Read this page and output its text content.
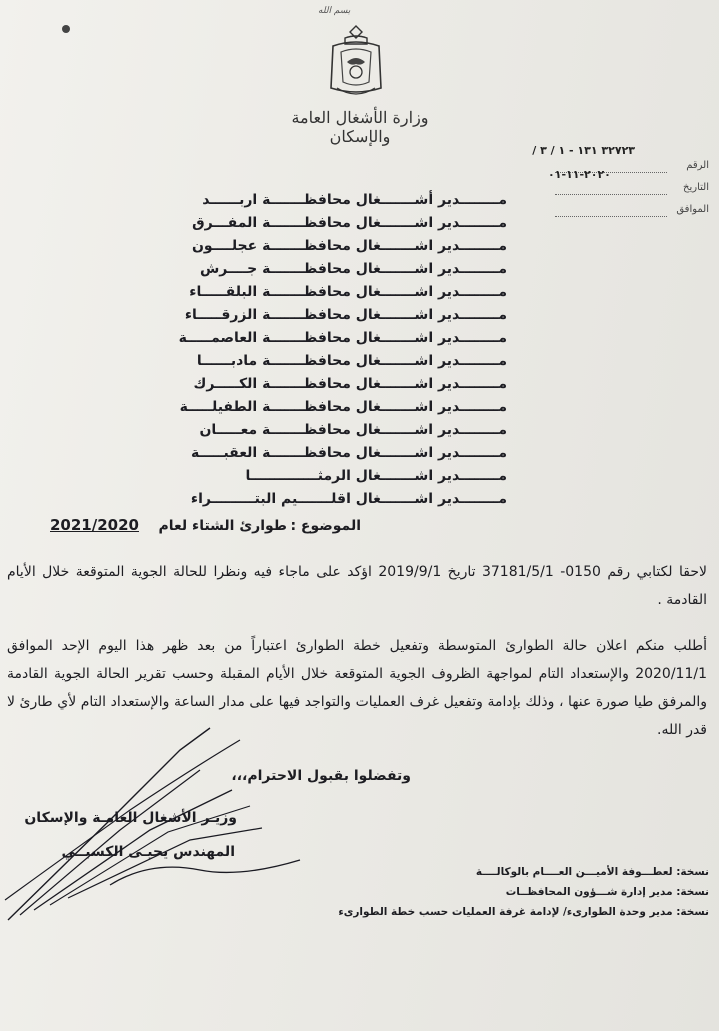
بسم الله
وزارة الأشغال العامة والإسكان
الرقم
٣٢٧٢٣ ١٣١ - ١ / ٣ /
التاريخ
٢٠٢٠-١١-٠١
الموافق
مــــــــدير أشـــــــغال محافظـــــــة اربــــــد
مــــــــدير اشـــــــغال محافظـــــــة المفـــرق
مــــــــدير اشـــــــغال محافظـــــــة عجلــــون
مــــــــدير اشـــــــغال محافظـــــــة جــــرش
مــــــــدير اشـــــــغال محافظـــــــة البلقـــــاء
مــــــــدير اشـــــــغال محافظـــــــة الزرقـــــاء
مــــــــدير اشـــــــغال محافظـــــــة العاصمـــــة
مــــــــدير اشـــــــغال محافظـــــــة مادبــــــا
مــــــــدير اشـــــــغال محافظـــــــة الكـــــرك
مــــــــدير اشـــــــغال محافظـــــــة الطفيلـــــة
مــــــــدير اشـــــــغال محافظـــــــة معـــــان
مــــــــدير اشـــــــغال محافظـــــــة العقبـــــة
مــــــــدير اشـــــــغال الرمثــــــــــــــا
مــــــــدير اشـــــــغال اقلـــــــيم البتـــــــــراء
الموضوع :
طوارئ الشتاء لعام
2021/2020
لاحقا لكتابي رقم 0150- 37181/5/1 تاريخ 2019/9/1 اؤكد على ماجاء فيه ونظرا للحالة الجوية المتوقعة خلال الأيام القادمة .
أطلب منكم اعلان حالة الطوارئ المتوسطة وتفعيل خطة الطوارئ اعتباراً من بعد ظهر هذا اليوم الإحد الموافق 2020/11/1 والإستعداد التام لمواجهة الظروف الجوية المتوقعة خلال الأيام المقبلة وحسب تقرير الحالة الجوية القادمة والمرفق طيا صورة عنها ، وذلك بإدامة وتفعيل غرف العمليات والتواجد فيها على مدار الساعة والإستعداد التام لأي طارئ لا قدر الله.
وتفضلوا بقبول الاحترام،،،
وزيـر الأشغال العامـة والإسكان
المهندس يحيـى الكسبــي
نسخة: لعطـــوفة الأميـــن العــــام بالوكالــــة
نسخة: مدير إدارة شـــؤون المحافظــات
نسخة: مدير وحدة الطوارىء/ لإدامة غرفة العمليات حسب خطة الطوارىء
